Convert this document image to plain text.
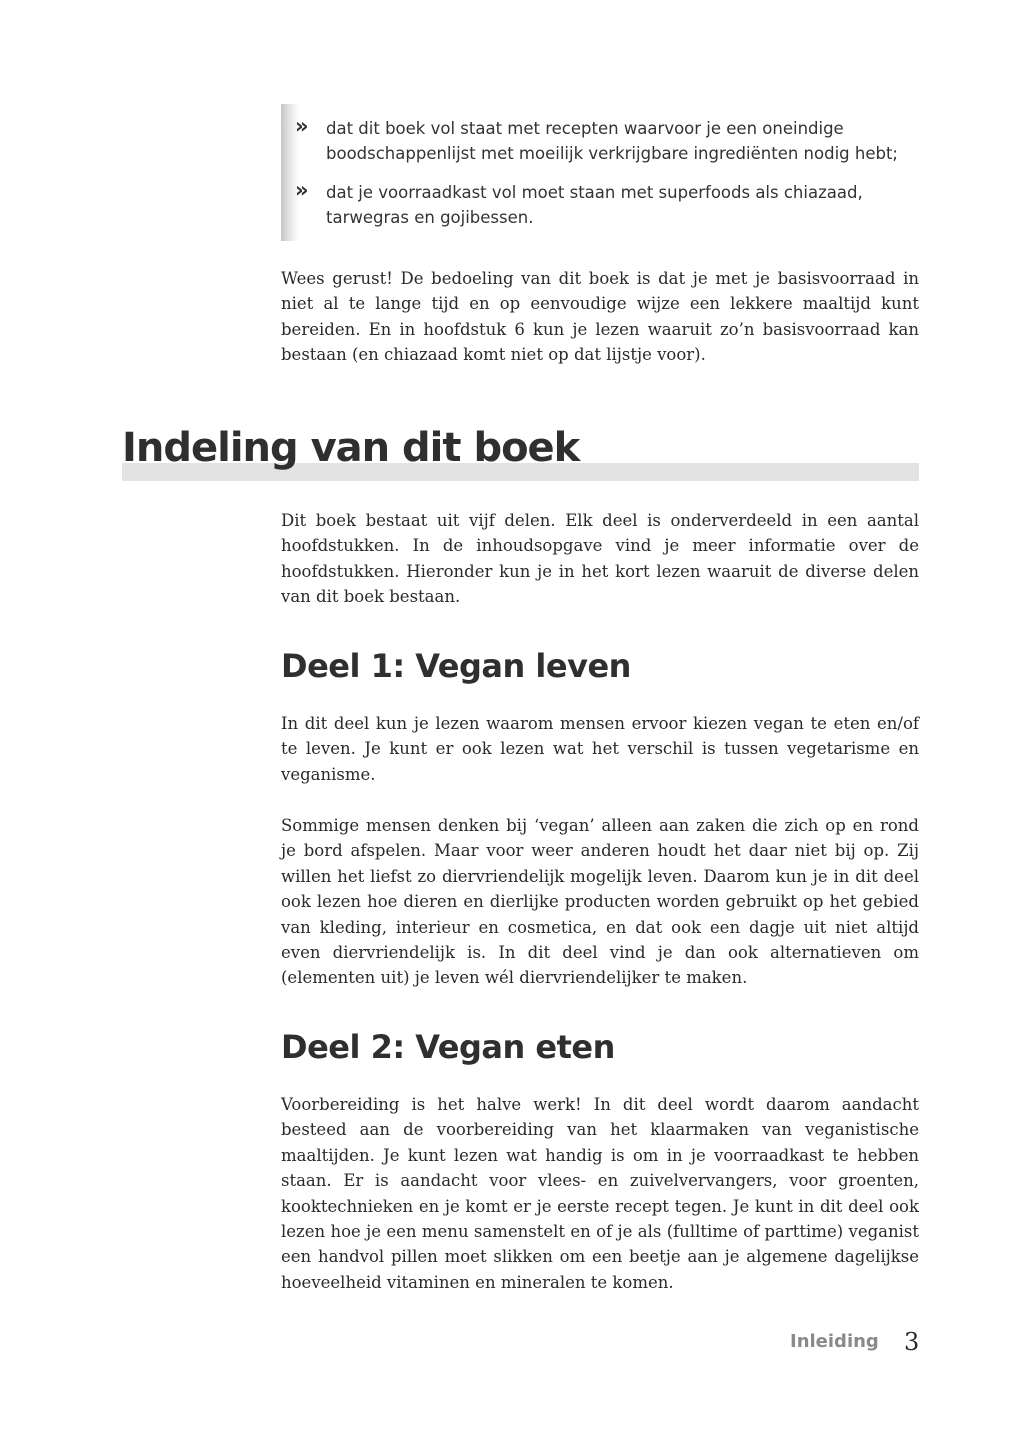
» dat dit boek vol staat met recepten waarvoor je een oneindige boodschappenlijst met moeilijk verkrijgbare ingrediënten nodig hebt;
» dat je voorraadkast vol moet staan met superfoods als chiazaad, tarwegras en gojibessen.

Wees gerust! De bedoeling van dit boek is dat je met je basisvoorraad in niet al te lange tijd en op eenvoudige wijze een lekkere maaltijd kunt bereiden. En in hoofdstuk 6 kun je lezen waaruit zo’n basisvoorraad kan bestaan (en chiazaad komt niet op dat lijstje voor).

Indeling van dit boek

Dit boek bestaat uit vijf delen. Elk deel is onderverdeeld in een aantal hoofdstukken. In de inhoudsopgave vind je meer informatie over de hoofdstukken. Hieronder kun je in het kort lezen waaruit de diverse delen van dit boek bestaan.

Deel 1: Vegan leven

In dit deel kun je lezen waarom mensen ervoor kiezen vegan te eten en/of te leven. Je kunt er ook lezen wat het verschil is tussen vegetarisme en veganisme.

Sommige mensen denken bij ‘vegan’ alleen aan zaken die zich op en rond je bord afspelen. Maar voor weer anderen houdt het daar niet bij op. Zij willen het liefst zo diervriendelijk mogelijk leven. Daarom kun je in dit deel ook lezen hoe dieren en dierlijke producten worden gebruikt op het gebied van kleding, interieur en cosmetica, en dat ook een dagje uit niet altijd even diervriendelijk is. In dit deel vind je dan ook alternatieven om (elementen uit) je leven wél diervriendelijker te maken.

Deel 2: Vegan eten

Voorbereiding is het halve werk! In dit deel wordt daarom aandacht besteed aan de voorbereiding van het klaarmaken van veganistische maaltijden. Je kunt lezen wat handig is om in je voorraadkast te hebben staan. Er is aandacht voor vlees- en zuivelvervangers, voor groenten, kooktechnieken en je komt er je eerste recept tegen. Je kunt in dit deel ook lezen hoe je een menu samenstelt en of je als (fulltime of parttime) veganist een handvol pillen moet slikken om een beetje aan je algemene dagelijkse hoeveelheid vitaminen en mineralen te komen.

Inleiding 3
